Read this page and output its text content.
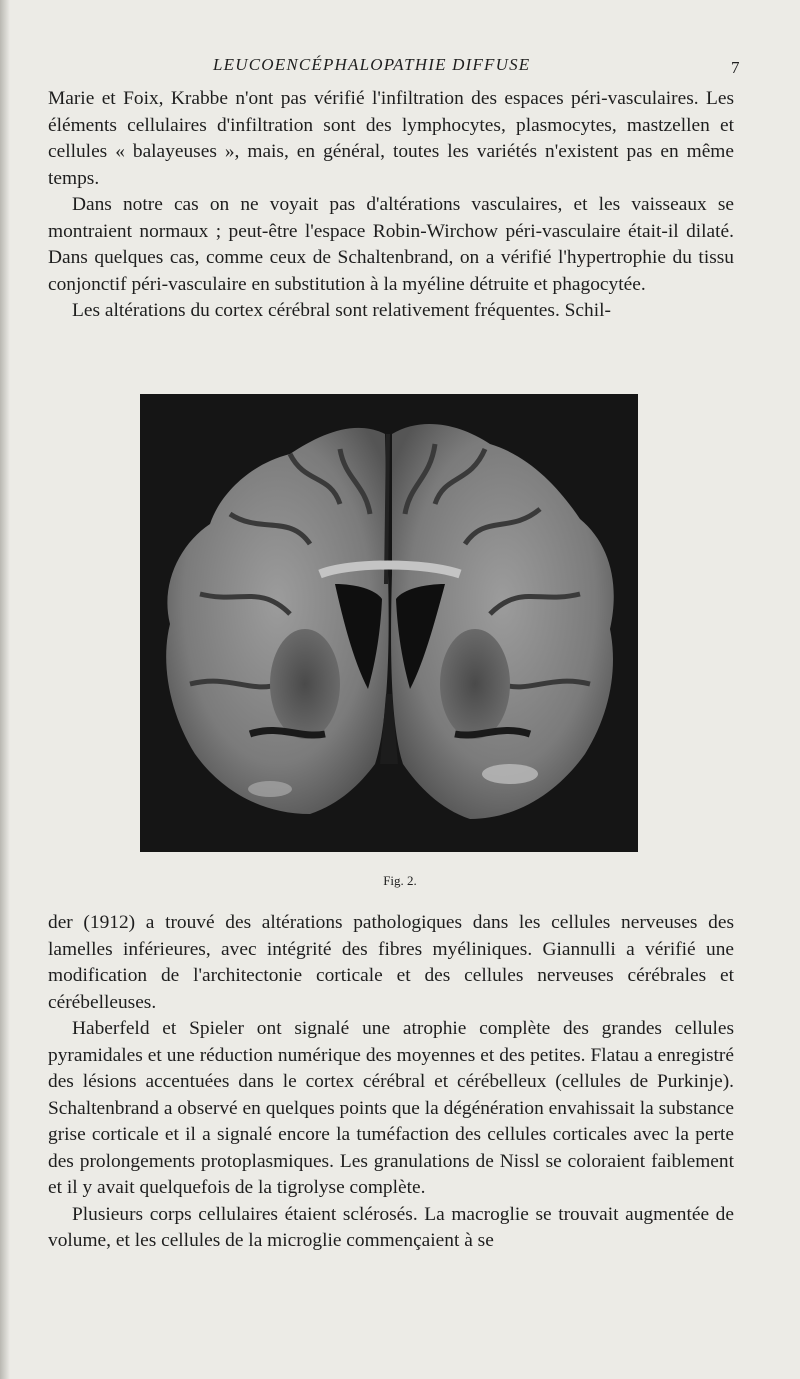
LEUCOENCÉPHALOPATHIE DIFFUSE	7

Marie et Foix, Krabbe n'ont pas vérifié l'infiltration des espaces péri-vasculaires. Les éléments cellulaires d'infiltration sont des lymphocytes, plasmocytes, mastzellen et cellules « balayeuses », mais, en général, toutes les variétés n'existent pas en même temps.

Dans notre cas on ne voyait pas d'altérations vasculaires, et les vaisseaux se montraient normaux ; peut-être l'espace Robin-Wirchow péri-vasculaire était-il dilaté. Dans quelques cas, comme ceux de Schaltenbrand, on a vérifié l'hypertrophie du tissu conjonctif péri-vasculaire en substitution à la myéline détruite et phagocytée.

Les altérations du cortex cérébral sont relativement fréquentes. Schil-

Fig. 2.

der (1912) a trouvé des altérations pathologiques dans les cellules nerveuses des lamelles inférieures, avec intégrité des fibres myéliniques. Giannulli a vérifié une modification de l'architectonie corticale et des cellules nerveuses cérébrales et cérébelleuses.

Haberfeld et Spieler ont signalé une atrophie complète des grandes cellules pyramidales et une réduction numérique des moyennes et des petites. Flatau a enregistré des lésions accentuées dans le cortex cérébral et cérébelleux (cellules de Purkinje). Schaltenbrand a observé en quelques points que la dégénération envahissait la substance grise corticale et il a signalé encore la tuméfaction des cellules corticales avec la perte des prolongements protoplasmiques. Les granulations de Nissl se coloraient faiblement et il y avait quelquefois de la tigrolyse complète.

Plusieurs corps cellulaires étaient sclérosés. La macroglie se trouvait augmentée de volume, et les cellules de la microglie commençaient à se
